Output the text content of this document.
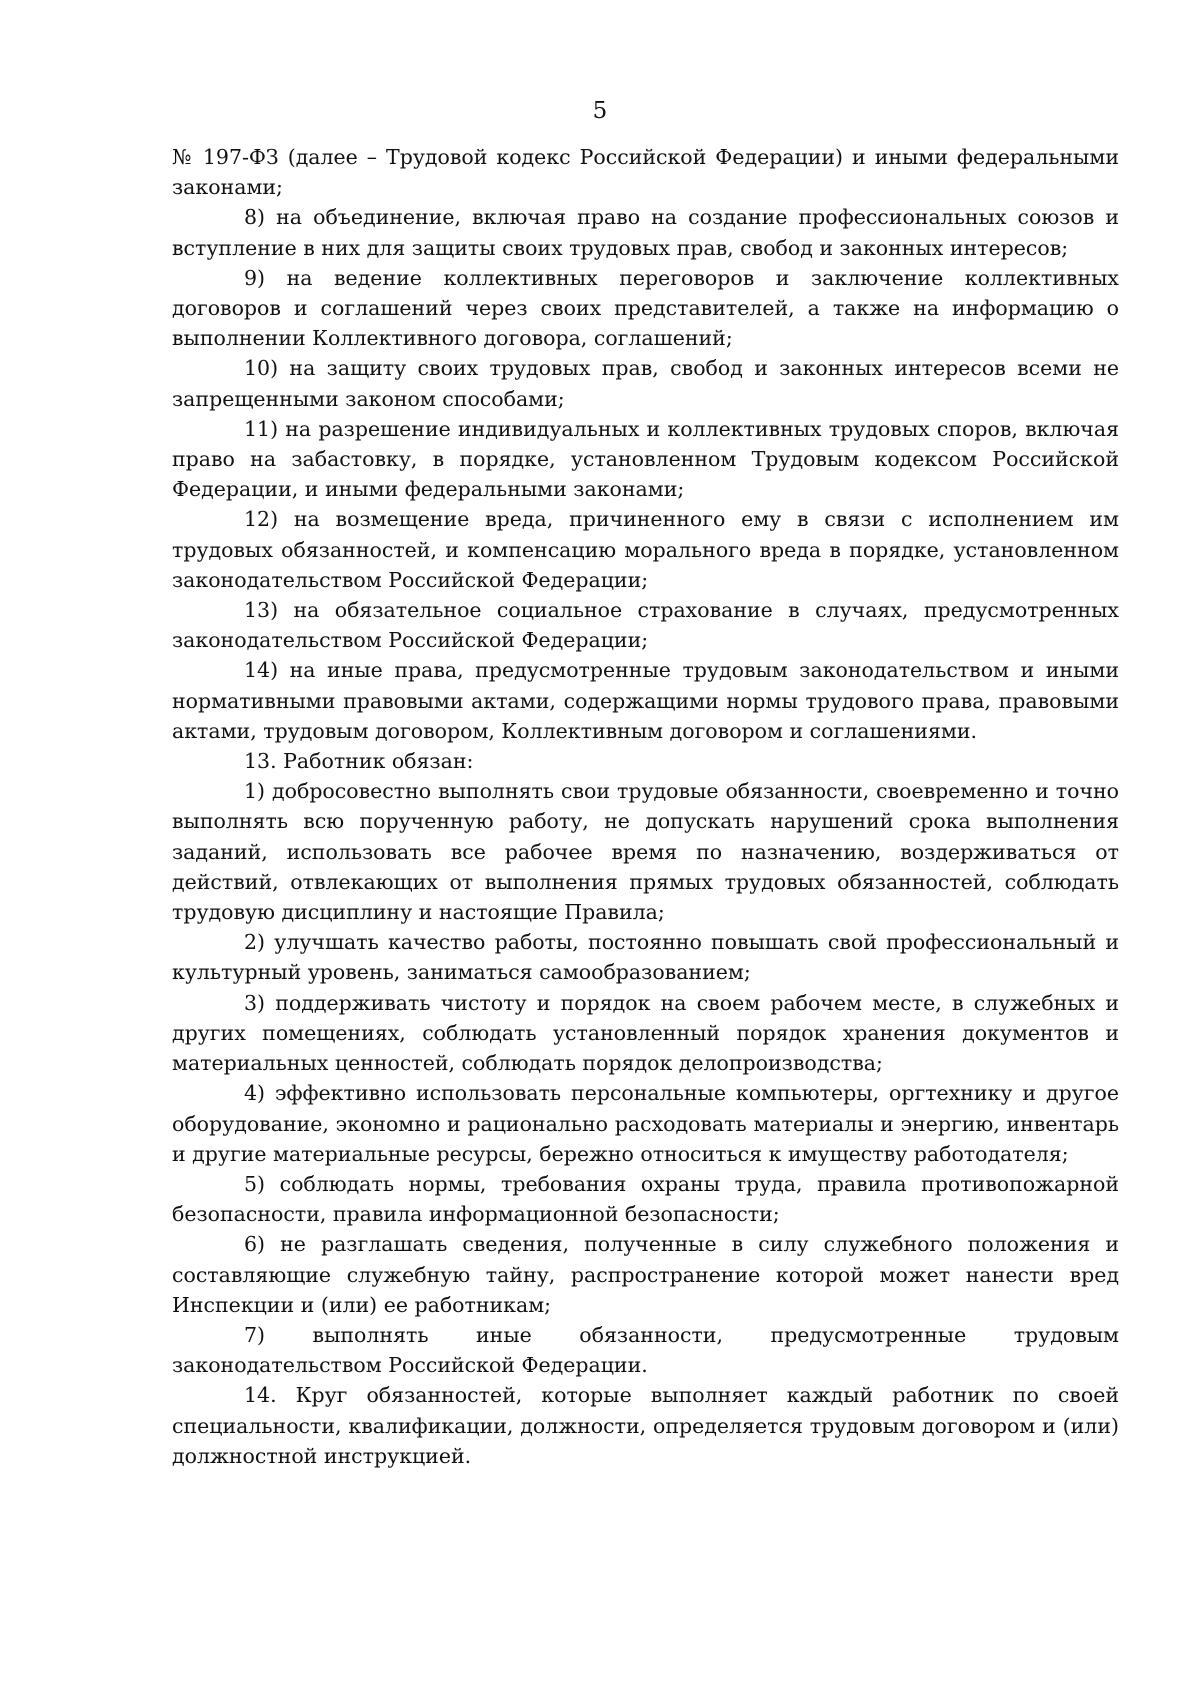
5

№ 197-ФЗ (далее – Трудовой кодекс Российской Федерации) и иными федеральными законами;

8) на объединение, включая право на создание профессиональных союзов и вступление в них для защиты своих трудовых прав, свобод и законных интересов;

9) на ведение коллективных переговоров и заключение коллективных договоров и соглашений через своих представителей, а также на информацию о выполнении Коллективного договора, соглашений;

10) на защиту своих трудовых прав, свобод и законных интересов всеми не запрещенными законом способами;

11) на разрешение индивидуальных и коллективных трудовых споров, включая право на забастовку, в порядке, установленном Трудовым кодексом Российской Федерации, и иными федеральными законами;

12) на возмещение вреда, причиненного ему в связи с исполнением им трудовых обязанностей, и компенсацию морального вреда в порядке, установленном законодательством Российской Федерации;

13) на обязательное социальное страхование в случаях, предусмотренных законодательством Российской Федерации;

14) на иные права, предусмотренные трудовым законодательством и иными нормативными правовыми актами, содержащими нормы трудового права, правовыми актами, трудовым договором, Коллективным договором и соглашениями.

13. Работник обязан:

1) добросовестно выполнять свои трудовые обязанности, своевременно и точно выполнять всю порученную работу, не допускать нарушений срока выполнения заданий, использовать все рабочее время по назначению, воздерживаться от действий, отвлекающих от выполнения прямых трудовых обязанностей, соблюдать трудовую дисциплину и настоящие Правила;

2) улучшать качество работы, постоянно повышать свой профессиональный и культурный уровень, заниматься самообразованием;

3) поддерживать чистоту и порядок на своем рабочем месте, в служебных и других помещениях, соблюдать установленный порядок хранения документов и материальных ценностей, соблюдать порядок делопроизводства;

4) эффективно использовать персональные компьютеры, оргтехнику и другое оборудование, экономно и рационально расходовать материалы и энергию, инвентарь и другие материальные ресурсы, бережно относиться к имуществу работодателя;

5) соблюдать нормы, требования охраны труда, правила противопожарной безопасности, правила информационной безопасности;

6) не разглашать сведения, полученные в силу служебного положения и составляющие служебную тайну, распространение которой может нанести вред Инспекции и (или) ее работникам;

7) выполнять иные обязанности, предусмотренные трудовым законодательством Российской Федерации.

14. Круг обязанностей, которые выполняет каждый работник по своей специальности, квалификации, должности, определяется трудовым договором и (или) должностной инструкцией.
